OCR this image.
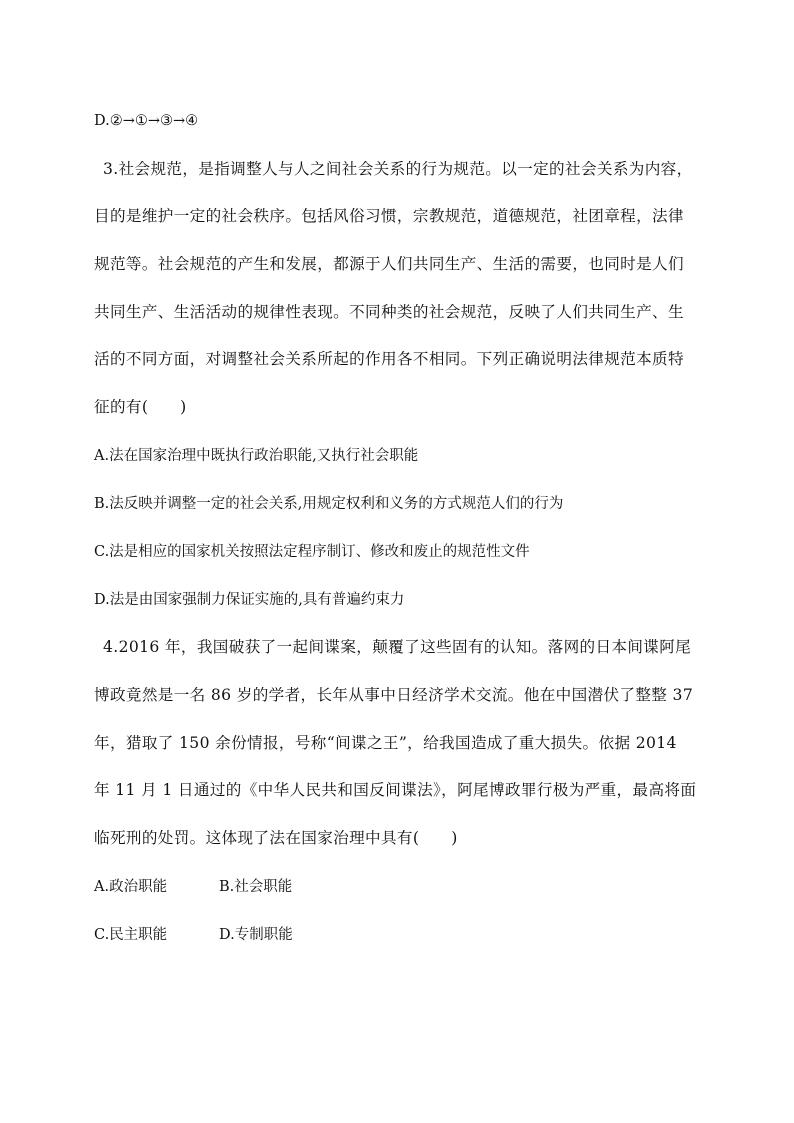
D.②→①→③→④
3.社会规范，是指调整人与人之间社会关系的行为规范。以一定的社会关系为内容，
目的是维护一定的社会秩序。包括风俗习惯，宗教规范，道德规范，社团章程，法律
规范等。社会规范的产生和发展，都源于人们共同生产、生活的需要，也同时是人们
共同生产、生活活动的规律性表现。不同种类的社会规范，反映了人们共同生产、生
活的不同方面，对调整社会关系所起的作用各不相同。下列正确说明法律规范本质特
征的有(　　)
A.法在国家治理中既执行政治职能,又执行社会职能
B.法反映并调整一定的社会关系,用规定权利和义务的方式规范人们的行为
C.法是相应的国家机关按照法定程序制订、修改和废止的规范性文件
D.法是由国家强制力保证实施的,具有普遍约束力
4.2016 年，我国破获了一起间谍案，颠覆了这些固有的认知。落网的日本间谍阿尾
博政竟然是一名 86 岁的学者，长年从事中日经济学术交流。他在中国潜伏了整整 37
年，猎取了 150 余份情报，号称“间谍之王”，给我国造成了重大损失。依据 2014
年 11 月 1 日通过的《中华人民共和国反间谍法》，阿尾博政罪行极为严重，最高将面
临死刑的处罚。这体现了法在国家治理中具有(　　)
A.政治职能	B.社会职能
C.民主职能	D.专制职能
